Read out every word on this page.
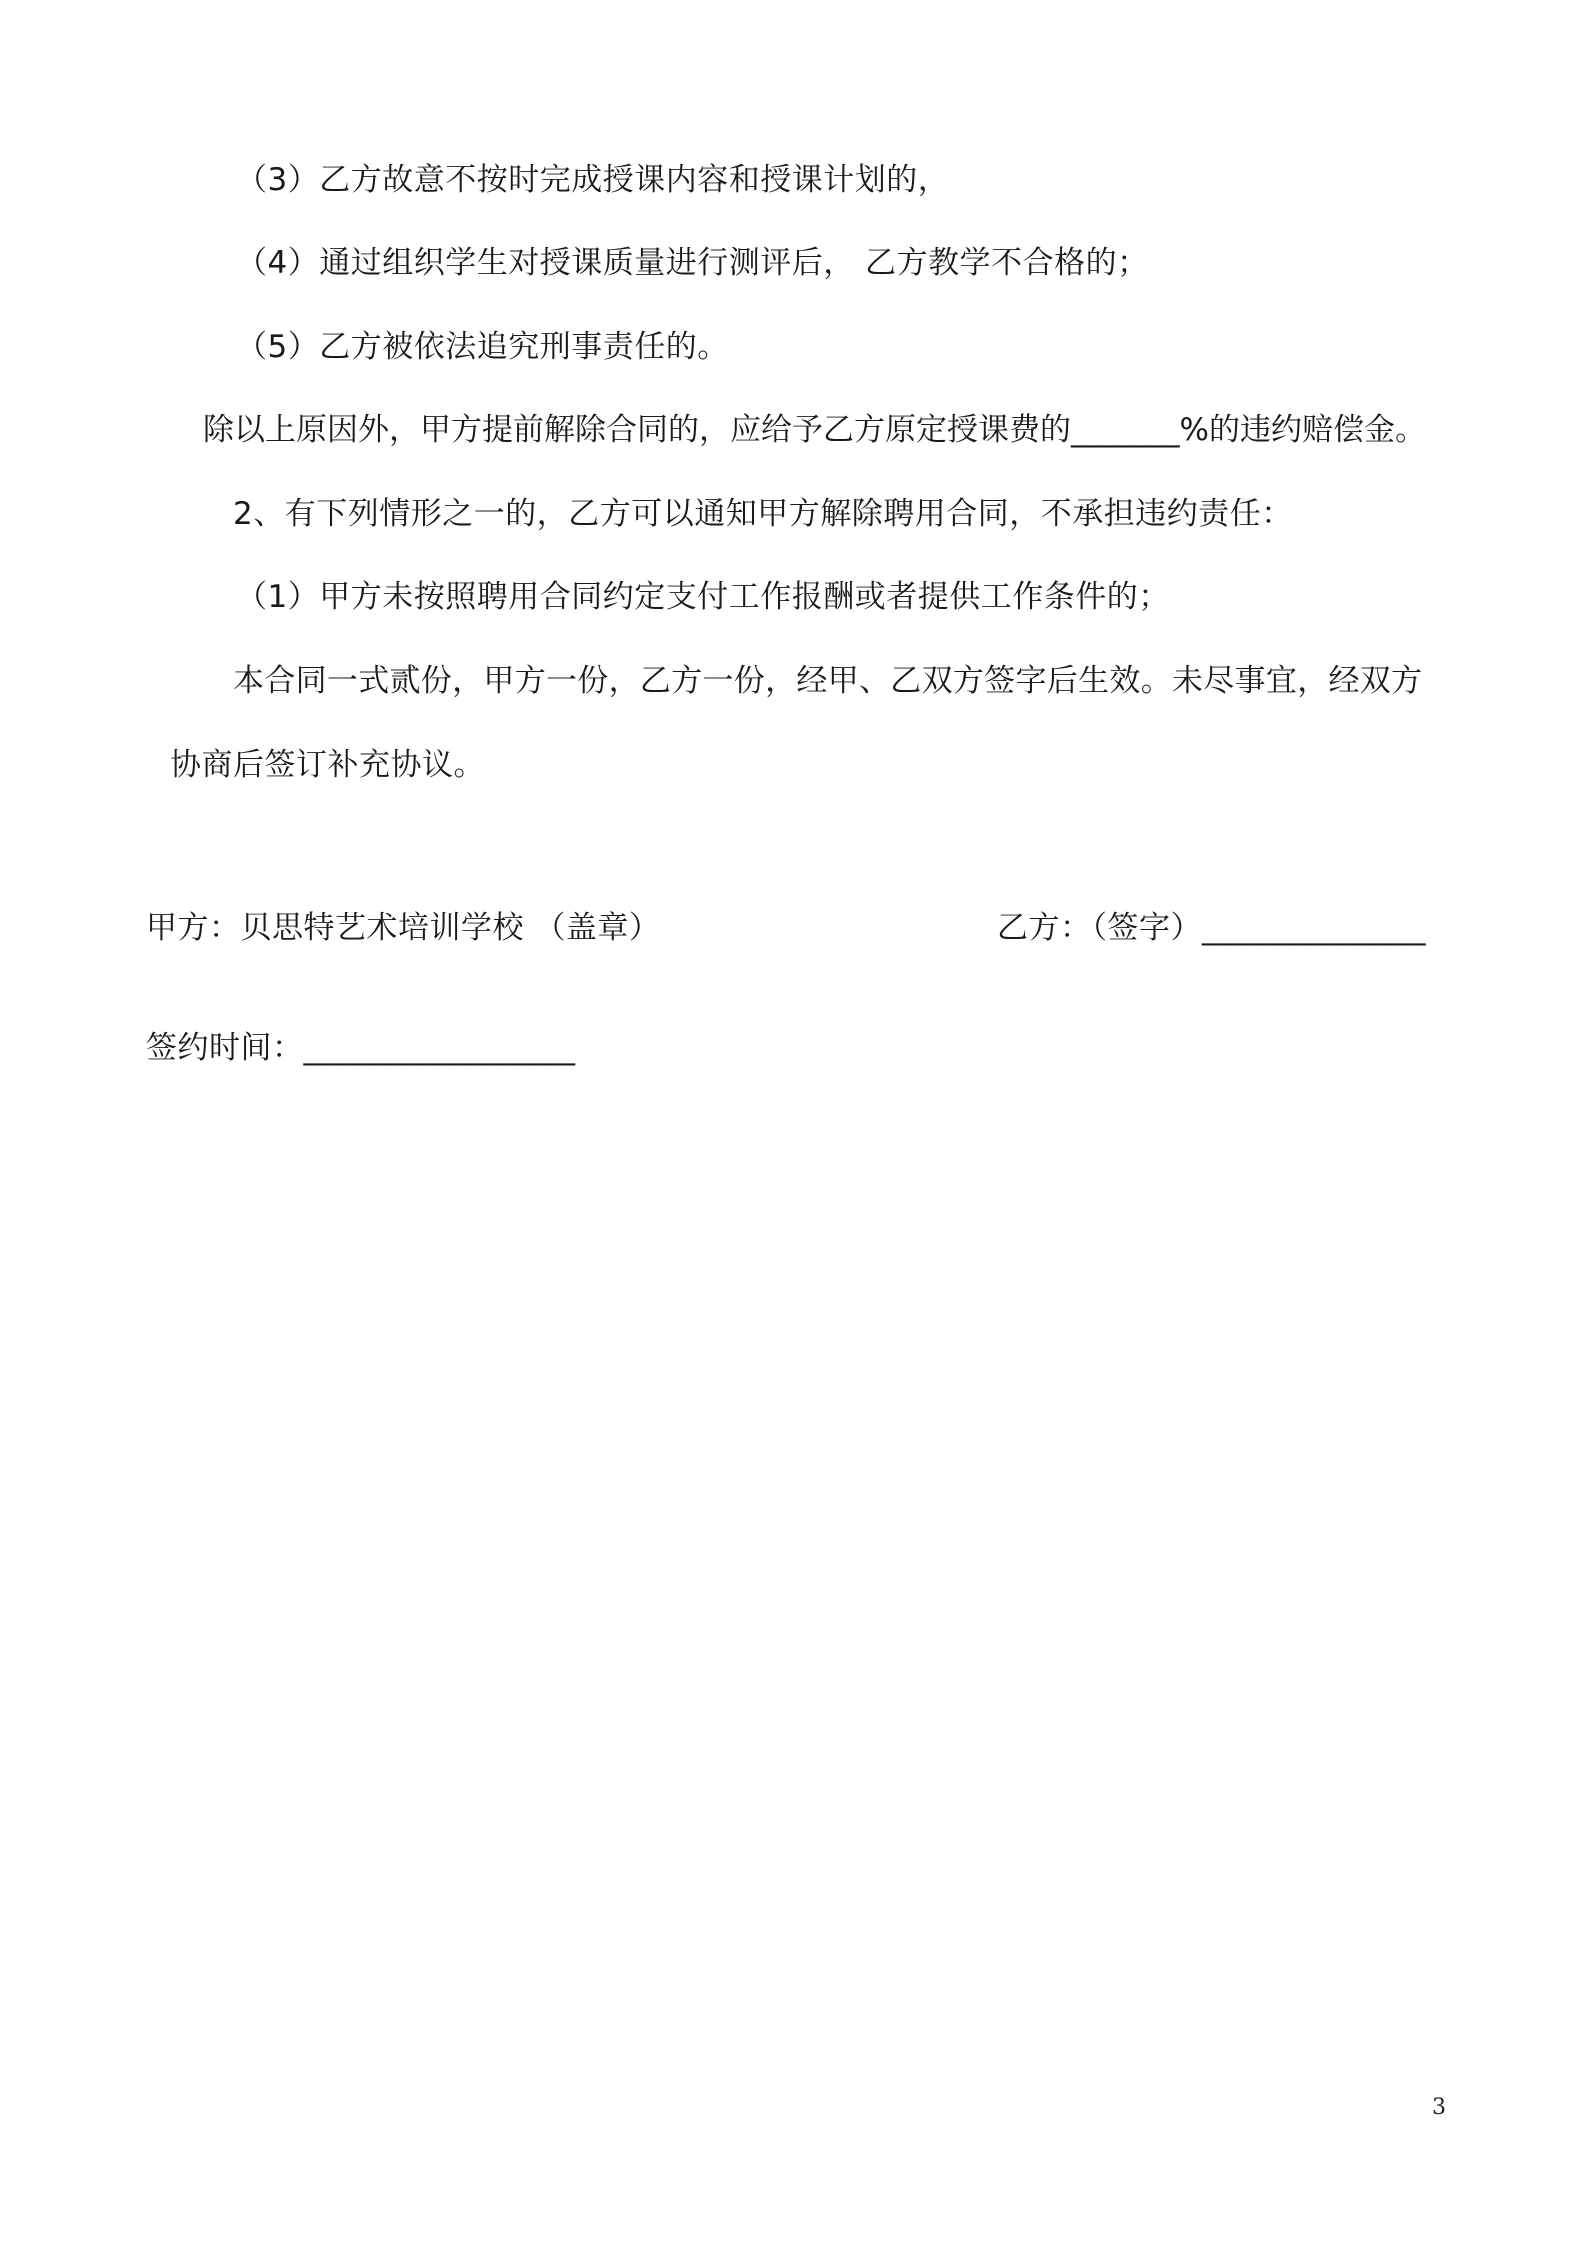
（3）乙方故意不按时完成授课内容和授课计划的，
（4）通过组织学生对授课质量进行测评后， 乙方教学不合格的；
（5）乙方被依法追究刑事责任的。
除以上原因外，甲方提前解除合同的，应给予乙方原定授课费的_______%的违约赔偿金。
2、有下列情形之一的，乙方可以通知甲方解除聘用合同，不承担违约责任：
（1）甲方未按照聘用合同约定支付工作报酬或者提供工作条件的；
本合同一式贰份，甲方一份，乙方一份，经甲、乙双方签字后生效。未尽事宜，经双方
协商后签订补充协议。
甲方：贝思特艺术培训学校 （盖章）	乙方：（签字）______________
签约时间：_________________
3
